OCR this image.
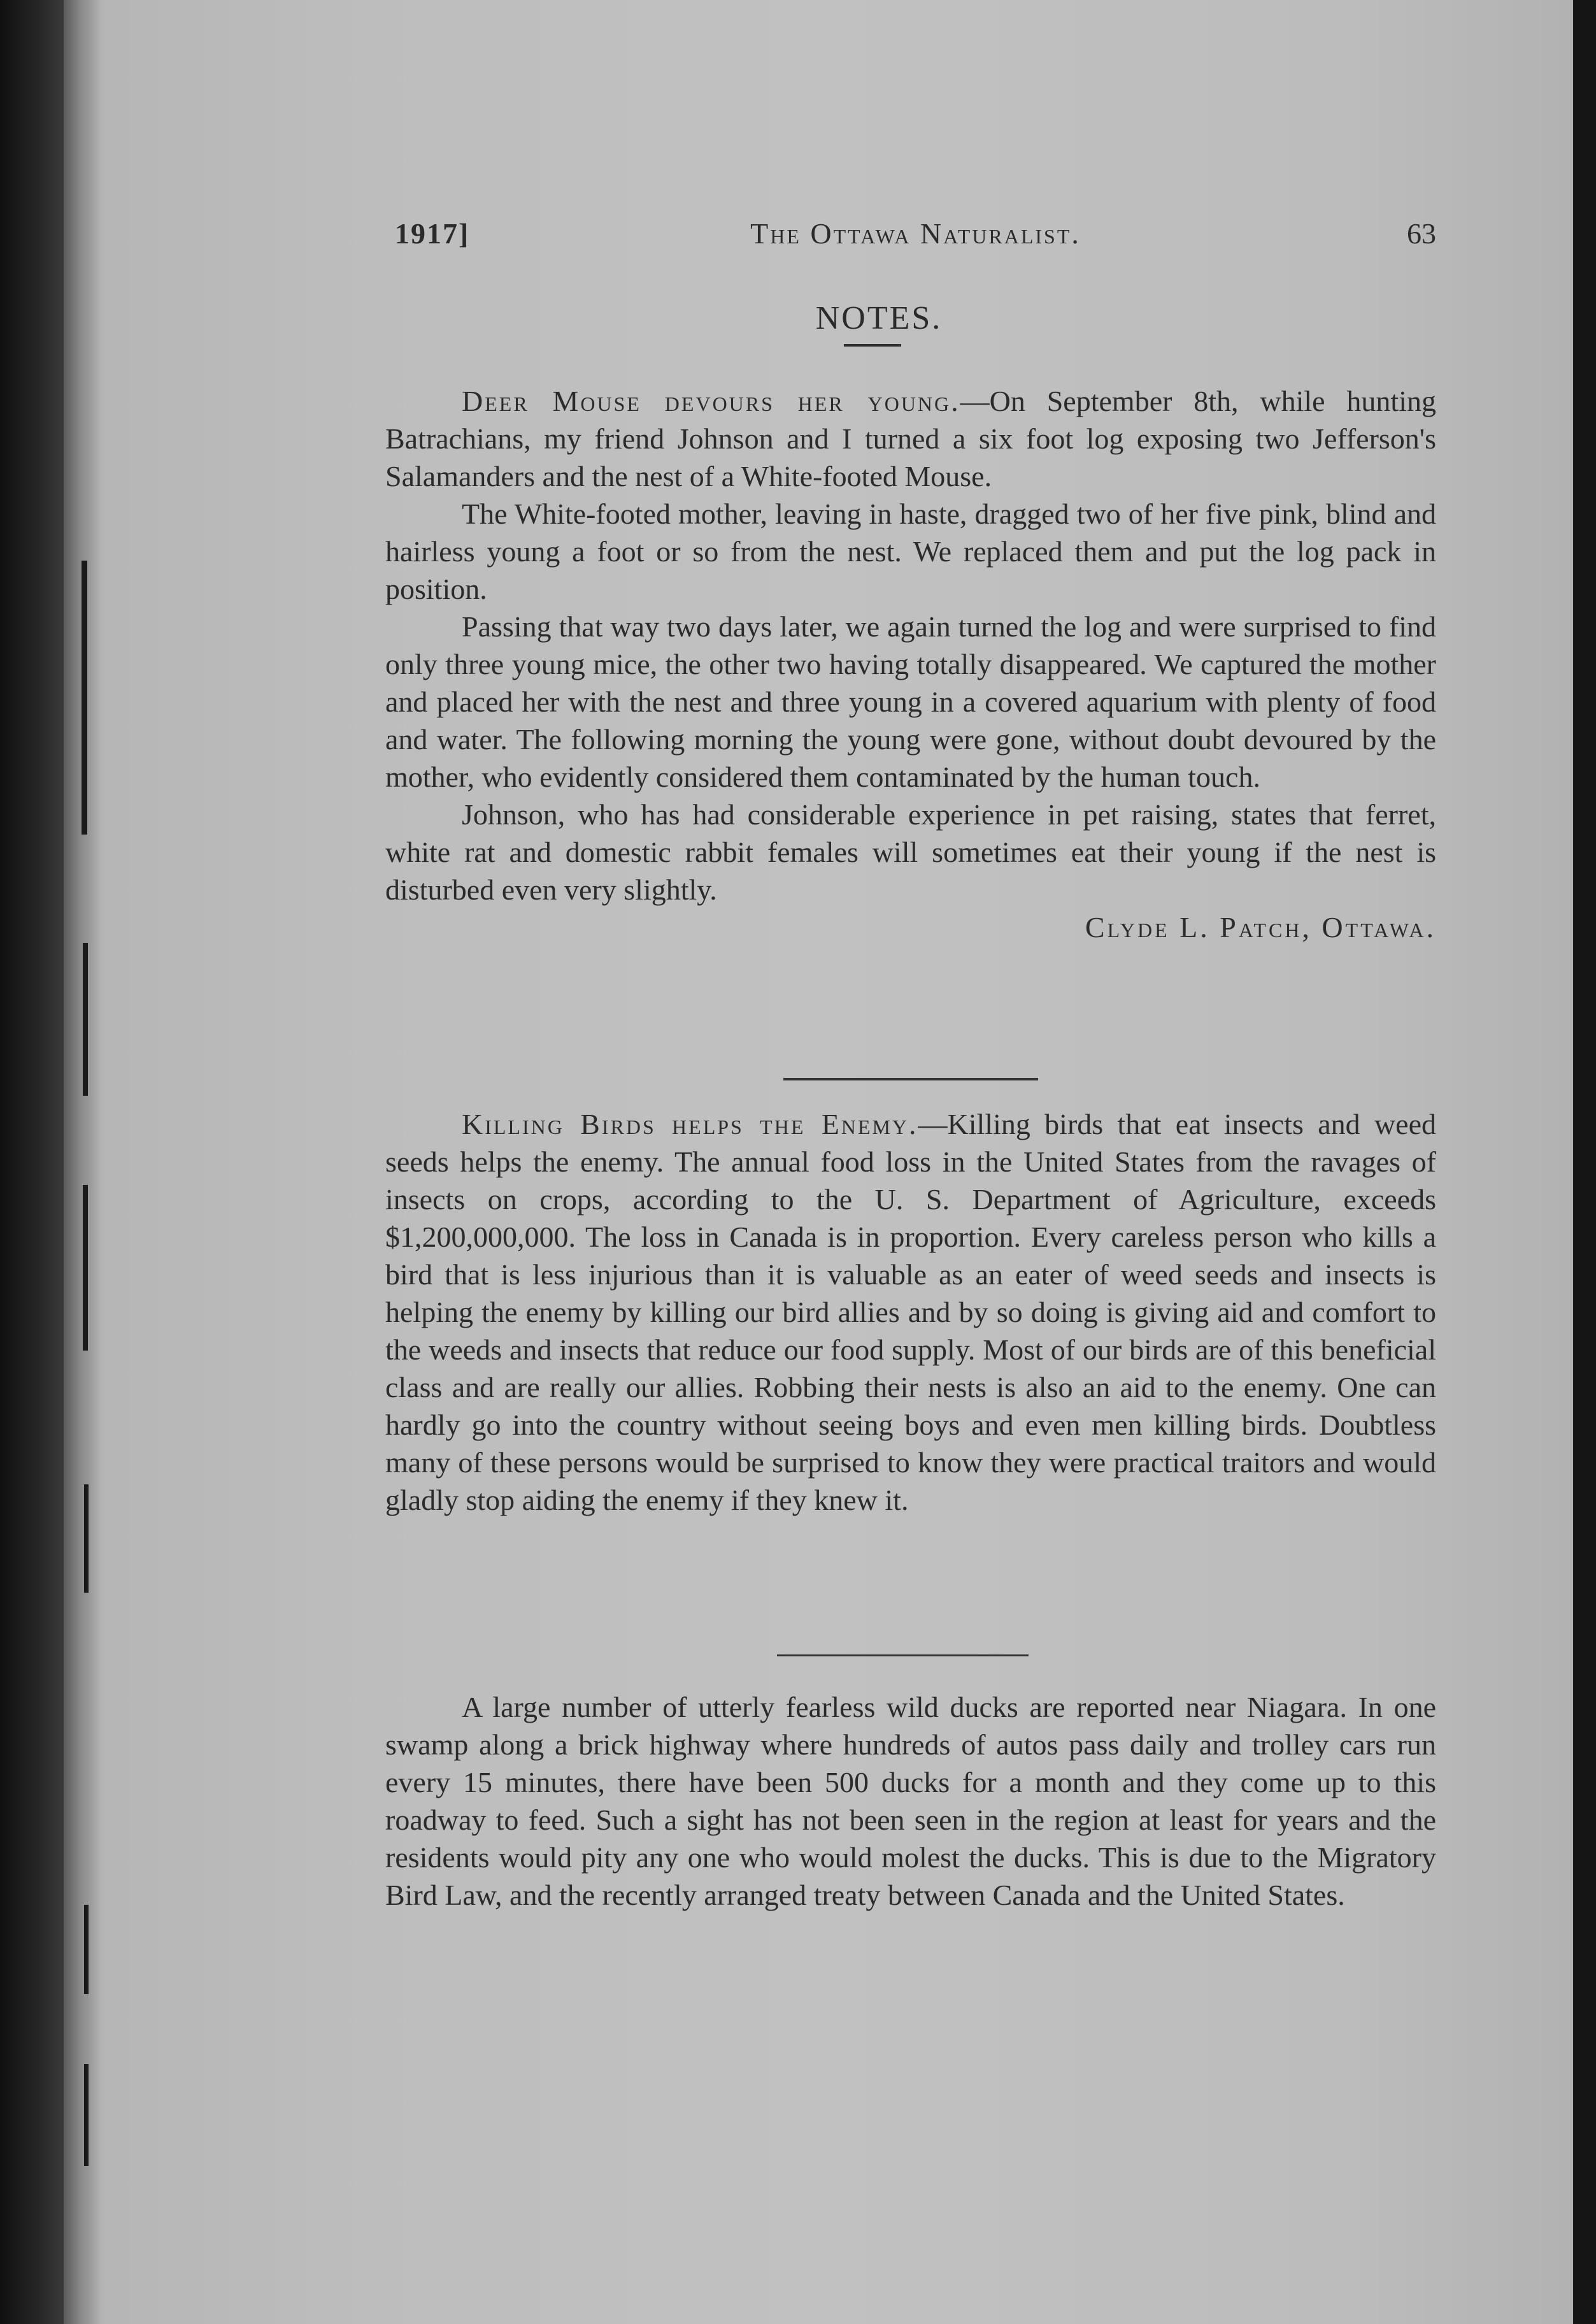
1917]	The Ottawa Naturalist.	63
NOTES.

Deer Mouse devours her young.—On September 8th, while hunting Batrachians, my friend Johnson and I turned a six foot log exposing two Jefferson's Salamanders and the nest of a White-footed Mouse.

The White-footed mother, leaving in haste, dragged two of her five pink, blind and hairless young a foot or so from the nest. We replaced them and put the log pack in position.

Passing that way two days later, we again turned the log and were surprised to find only three young mice, the other two having totally disappeared. We captured the mother and placed her with the nest and three young in a covered aquarium with plenty of food and water. The following morning the young were gone, without doubt devoured by the mother, who evidently considered them contaminated by the human touch.

Johnson, who has had considerable experience in pet raising, states that ferret, white rat and domestic rabbit females will sometimes eat their young if the nest is disturbed even very slightly.

Clyde L. Patch, Ottawa.

Killing Birds helps the Enemy.—Killing birds that eat insects and weed seeds helps the enemy. The annual food loss in the United States from the ravages of insects on crops, according to the U. S. Department of Agriculture, exceeds $1,200,000,000. The loss in Canada is in proportion. Every careless person who kills a bird that is less injurious than it is valuable as an eater of weed seeds and insects is helping the enemy by killing our bird allies and by so doing is giving aid and comfort to the weeds and insects that reduce our food supply. Most of our birds are of this beneficial class and are really our allies. Robbing their nests is also an aid to the enemy. One can hardly go into the country without seeing boys and even men killing birds. Doubtless many of these persons would be surprised to know they were practical traitors and would gladly stop aiding the enemy if they knew it.

A large number of utterly fearless wild ducks are reported near Niagara. In one swamp along a brick highway where hundreds of autos pass daily and trolley cars run every 15 minutes, there have been 500 ducks for a month and they come up to this roadway to feed. Such a sight has not been seen in the region at least for years and the residents would pity any one who would molest the ducks. This is due to the Migratory Bird Law, and the recently arranged treaty between Canada and the United States.
